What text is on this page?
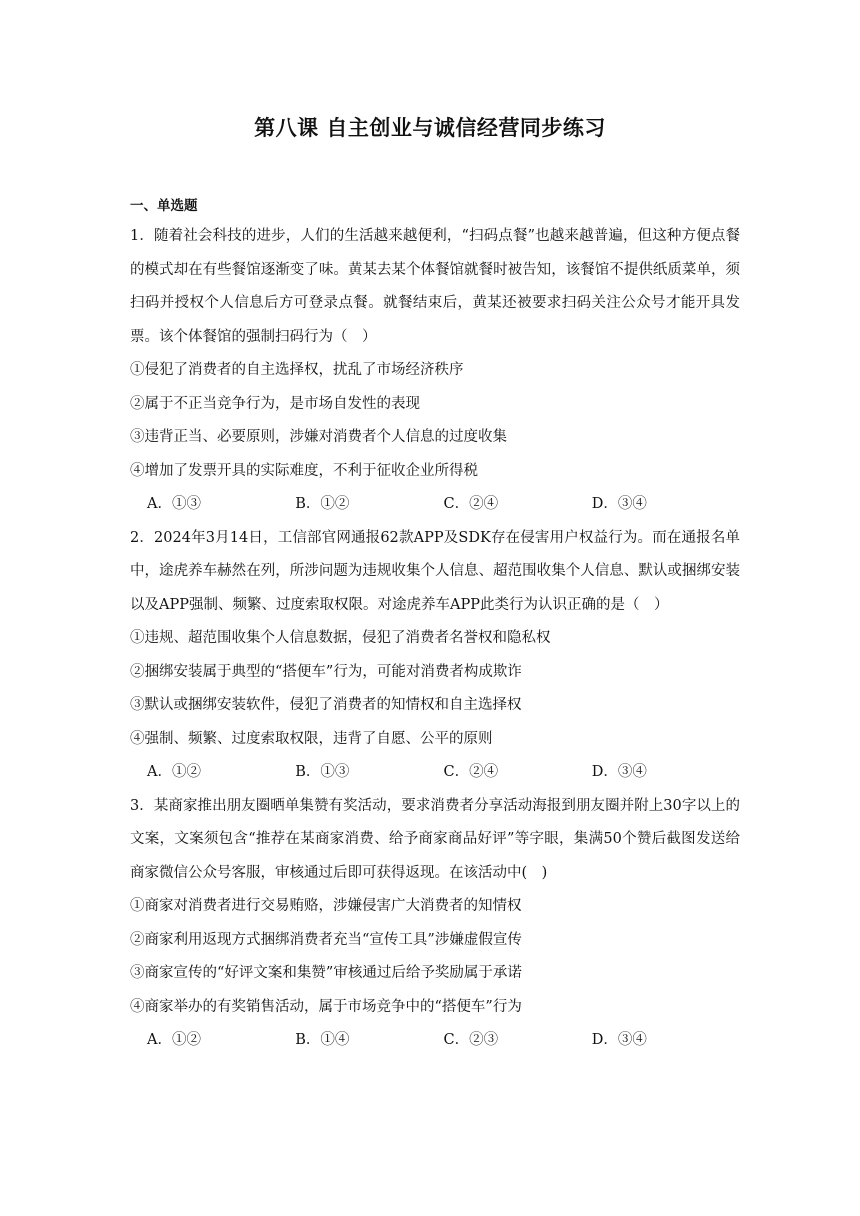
第八课 自主创业与诚信经营同步练习
一、单选题

1．随着社会科技的进步，人们的生活越来越便利，“扫码点餐”也越来越普遍，但这种方便点餐的模式却在有些餐馆逐渐变了味。黄某去某个体餐馆就餐时被告知，该餐馆不提供纸质菜单，须扫码并授权个人信息后方可登录点餐。就餐结束后，黄某还被要求扫码关注公众号才能开具发票。该个体餐馆的强制扫码行为（　）

①侵犯了消费者的自主选择权，扰乱了市场经济秩序

②属于不正当竞争行为，是市场自发性的表现

③违背正当、必要原则，涉嫌对消费者个人信息的过度收集

④增加了发票开具的实际难度，不利于征收企业所得税

A．①③	B．①②	C．②④	D．③④

2．2024年3月14日，工信部官网通报62款APP及SDK存在侵害用户权益行为。而在通报名单中，途虎养车赫然在列，所涉问题为违规收集个人信息、超范围收集个人信息、默认或捆绑安装以及APP强制、频繁、过度索取权限。对途虎养车APP此类行为认识正确的是（　）

①违规、超范围收集个人信息数据，侵犯了消费者名誉权和隐私权

②捆绑安装属于典型的“搭便车”行为，可能对消费者构成欺诈

③默认或捆绑安装软件，侵犯了消费者的知情权和自主选择权

④强制、频繁、过度索取权限，违背了自愿、公平的原则

A．①②	B．①③	C．②④	D．③④

3．某商家推出朋友圈晒单集赞有奖活动，要求消费者分享活动海报到朋友圈并附上30字以上的文案，文案须包含“推荐在某商家消费、给予商家商品好评”等字眼，集满50个赞后截图发送给商家微信公众号客服，审核通过后即可获得返现。在该活动中(　)

①商家对消费者进行交易贿赂，涉嫌侵害广大消费者的知情权

②商家利用返现方式捆绑消费者充当“宣传工具”涉嫌虚假宣传

③商家宣传的“好评文案和集赞”审核通过后给予奖励属于承诺

④商家举办的有奖销售活动，属于市场竞争中的“搭便车”行为

A．①②	B．①④	C．②③	D．③④
